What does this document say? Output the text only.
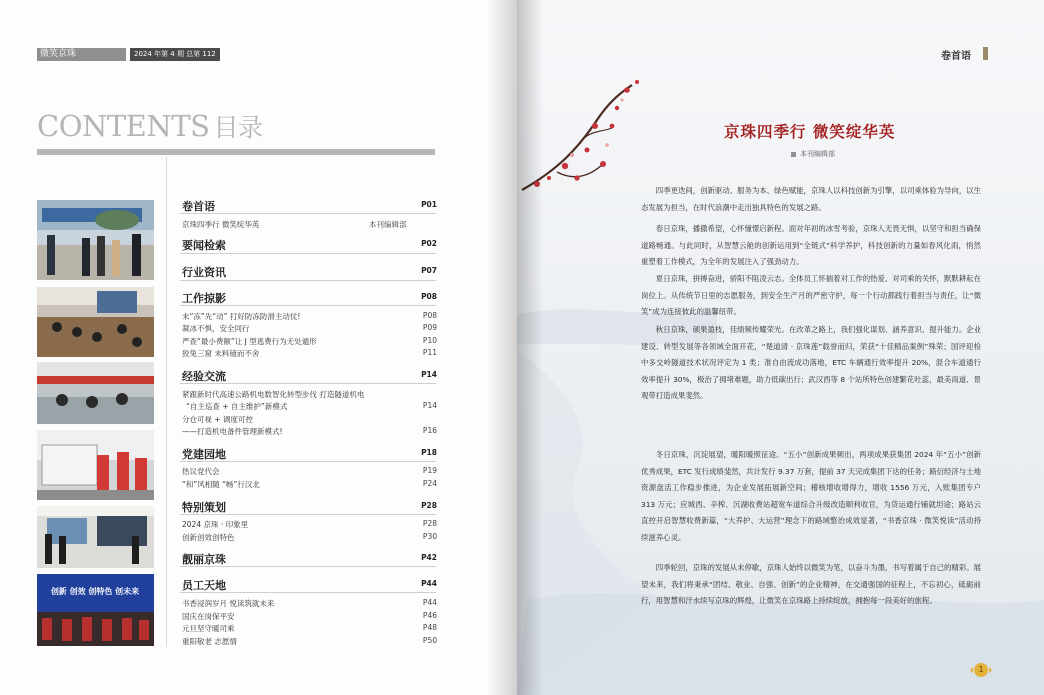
微笑京珠	2024 年第 4 期 总第 112 期
CONTENTS 目录
创新 创效 创特色 创未来
卷首语	P01
京珠四季行 微笑绽华英	本刊编辑部
要闻检索	P02
行业资讯	P07
工作掠影	P08
未“冻”先“动” 打好防冻防滑主动仗!	P08
凝冰不惧，安全同行	P09
严查“最小费额”让 J 型逃费行为无处遁形	P10
狡兔三窟 未料镜而不舍	P11
经验交流	P14
紧跟新时代高速公路机电数智化转型步伐 打造隧道机电
“自主巡查 + 自主维护”新模式	P14
分仓可视 + 调度可控
——打造机电备件管理新模式!	P16
党建园地	P18
热议党代会	P19
“和”风相随 “畅”行汉北	P24
特别策划	P28
2024 京珠 · 印象里	P28
创新创效创特色	P30
靓丽京珠	P42
员工天地	P44
书香浸润岁月 悦读筑就未来	P44
国庆在岗保平安	P46
元旦坚守暖司乘	P48
重阳敬老 志愿情	P50
卷首语
京珠四季行 微笑绽华英
本刊编辑部
四季更迭间，创新驱动、服务为本、绿色赋能，京珠人以科技创新为引擎，以司乘体验为导向，以生态发展为担当，在时代浪潮中走出独具特色的发展之路。
春日京珠，播撒希望，心怀憧憬启新程。面对年初的冰雪考验，京珠人无畏无惧，以坚守和担当确保道路畅通。与此同时，从智慧云舱的创新运用到“全链式”科学养护，科技创新的力量如春风化雨，悄然重塑着工作模式，为全年的发展注入了强劲动力。
夏日京珠，拼搏奋进，骄阳不阻凌云志。全体员工怀揣着对工作的热爱、对司乘的关怀，默默耕耘在岗位上。从传统节日里的志愿服务，到安全生产月的严密守护，每一个行动都践行着担当与责任，让“微笑”成为连接彼此的温馨纽带。
秋日京珠，硕果盈枝，佳绩频传耀荣光。在改革之路上，我们强化谋划、涵养意识、提升能力。企业建设、转型发展等各领域全面开花，“楚道清 · 京珠莲”载誉而归，荣获“十佳精品案例”殊荣；国评迎检中多交岭隧道技术状况评定为 1 类；准自由流成功落地，ETC 车辆通行效率提升 20%，混合车道通行效率提升 30%，极治了拥堵难题，助力低碳出行；武汉西等 8 个站所特色创建繁花吐蕊，最美雨道、景观带打造成果斐然。
冬日京珠，沉淀展望，暖阳暖照征途。“五小”创新成果频出，两项成果获集团 2024 年“五小”创新优秀成果，ETC 发行成绩斐然，共计发行 9.37 万套，提前 37 天完成集团下达的任务；路衍经济与土地资源盘活工作稳步推进，为企业发展拓展新空间；稽核增收增得力，增收 1556 万元，入账集团专户 313 万元；应城西、辛榨、沉湖收费站超宽车道综合升级改造顺利收官，为货运通行铺就坦途；路站云直控开启智慧收费新篇，“大养护、大运营”理念下的路域整治成效显著，“书香京珠 · 微笑悦读”活动持续滋养心灵。
四季轮回，京珠的发展从未停歇，京珠人始终以微笑为笔，以奋斗为墨，书写着属于自己的精彩。展望未来，我们将秉承“团结、敬业、自强、创新”的企业精神，在交通强国的征程上，不忘初心，砥砺前行，用智慧和汗水续写京珠的辉煌，让微笑在京珠路上持续绽放，拥抱每一段美好的旅程。
1
